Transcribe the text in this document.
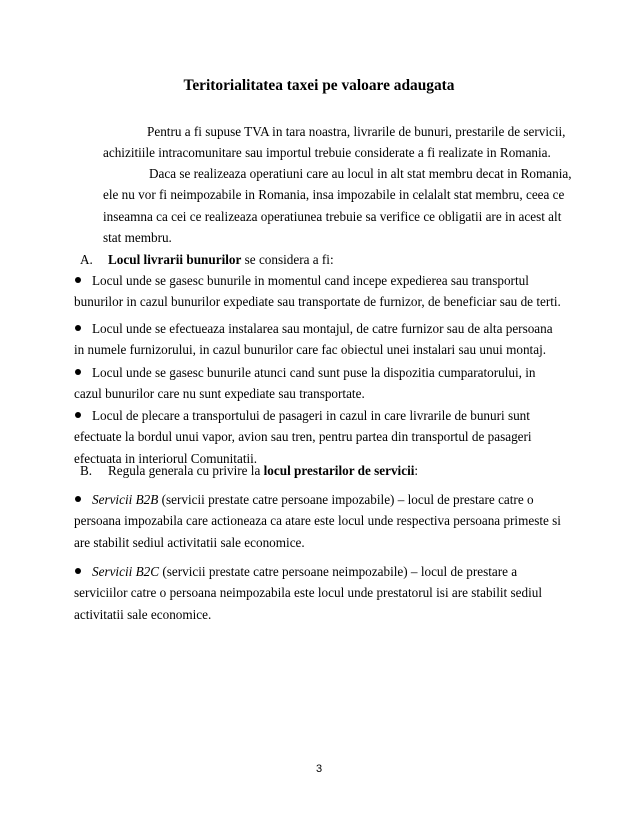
Teritorialitatea taxei pe valoare adaugata
Pentru a fi supuse TVA in tara noastra, livrarile de bunuri, prestarile de servicii, achizitiile intracomunitare sau importul trebuie considerate a fi realizate in Romania.
Daca se realizeaza operatiuni care au locul in alt stat membru decat in Romania, ele nu vor fi neimpozabile in Romania, insa impozabile in celalalt stat membru, ceea ce inseamna ca cei ce realizeaza operatiunea trebuie sa verifice ce obligatii are in acest alt stat membru.
A. Locul livrarii bunurilor se considera a fi:
Locul unde se gasesc bunurile in momentul cand incepe expedierea sau transportul bunurilor in cazul bunurilor expediate sau transportate de furnizor, de beneficiar sau de terti.
Locul unde se efectueaza instalarea sau montajul, de catre furnizor sau de alta persoana in numele furnizorului, in cazul bunurilor care fac obiectul unei instalari sau unui montaj.
Locul unde se gasesc bunurile atunci cand sunt puse la dispozitia cumparatorului, in cazul bunurilor care nu sunt expediate sau transportate.
Locul de plecare a transportului de pasageri in cazul in care livrarile de bunuri sunt efectuate la bordul unui vapor, avion sau tren, pentru partea din transportul de pasageri efectuata in interiorul Comunitatii.
B. Regula generala cu privire la locul prestarilor de servicii:
Servicii B2B (servicii prestate catre persoane impozabile) – locul de prestare catre o persoana impozabila care actioneaza ca atare este locul unde respectiva persoana primeste si are stabilit sediul activitatii sale economice.
Servicii B2C (servicii prestate catre persoane neimpozabile) – locul de prestare a serviciilor catre o persoana neimpozabila este locul unde prestatorul isi are stabilit sediul activitatii sale economice.
3
